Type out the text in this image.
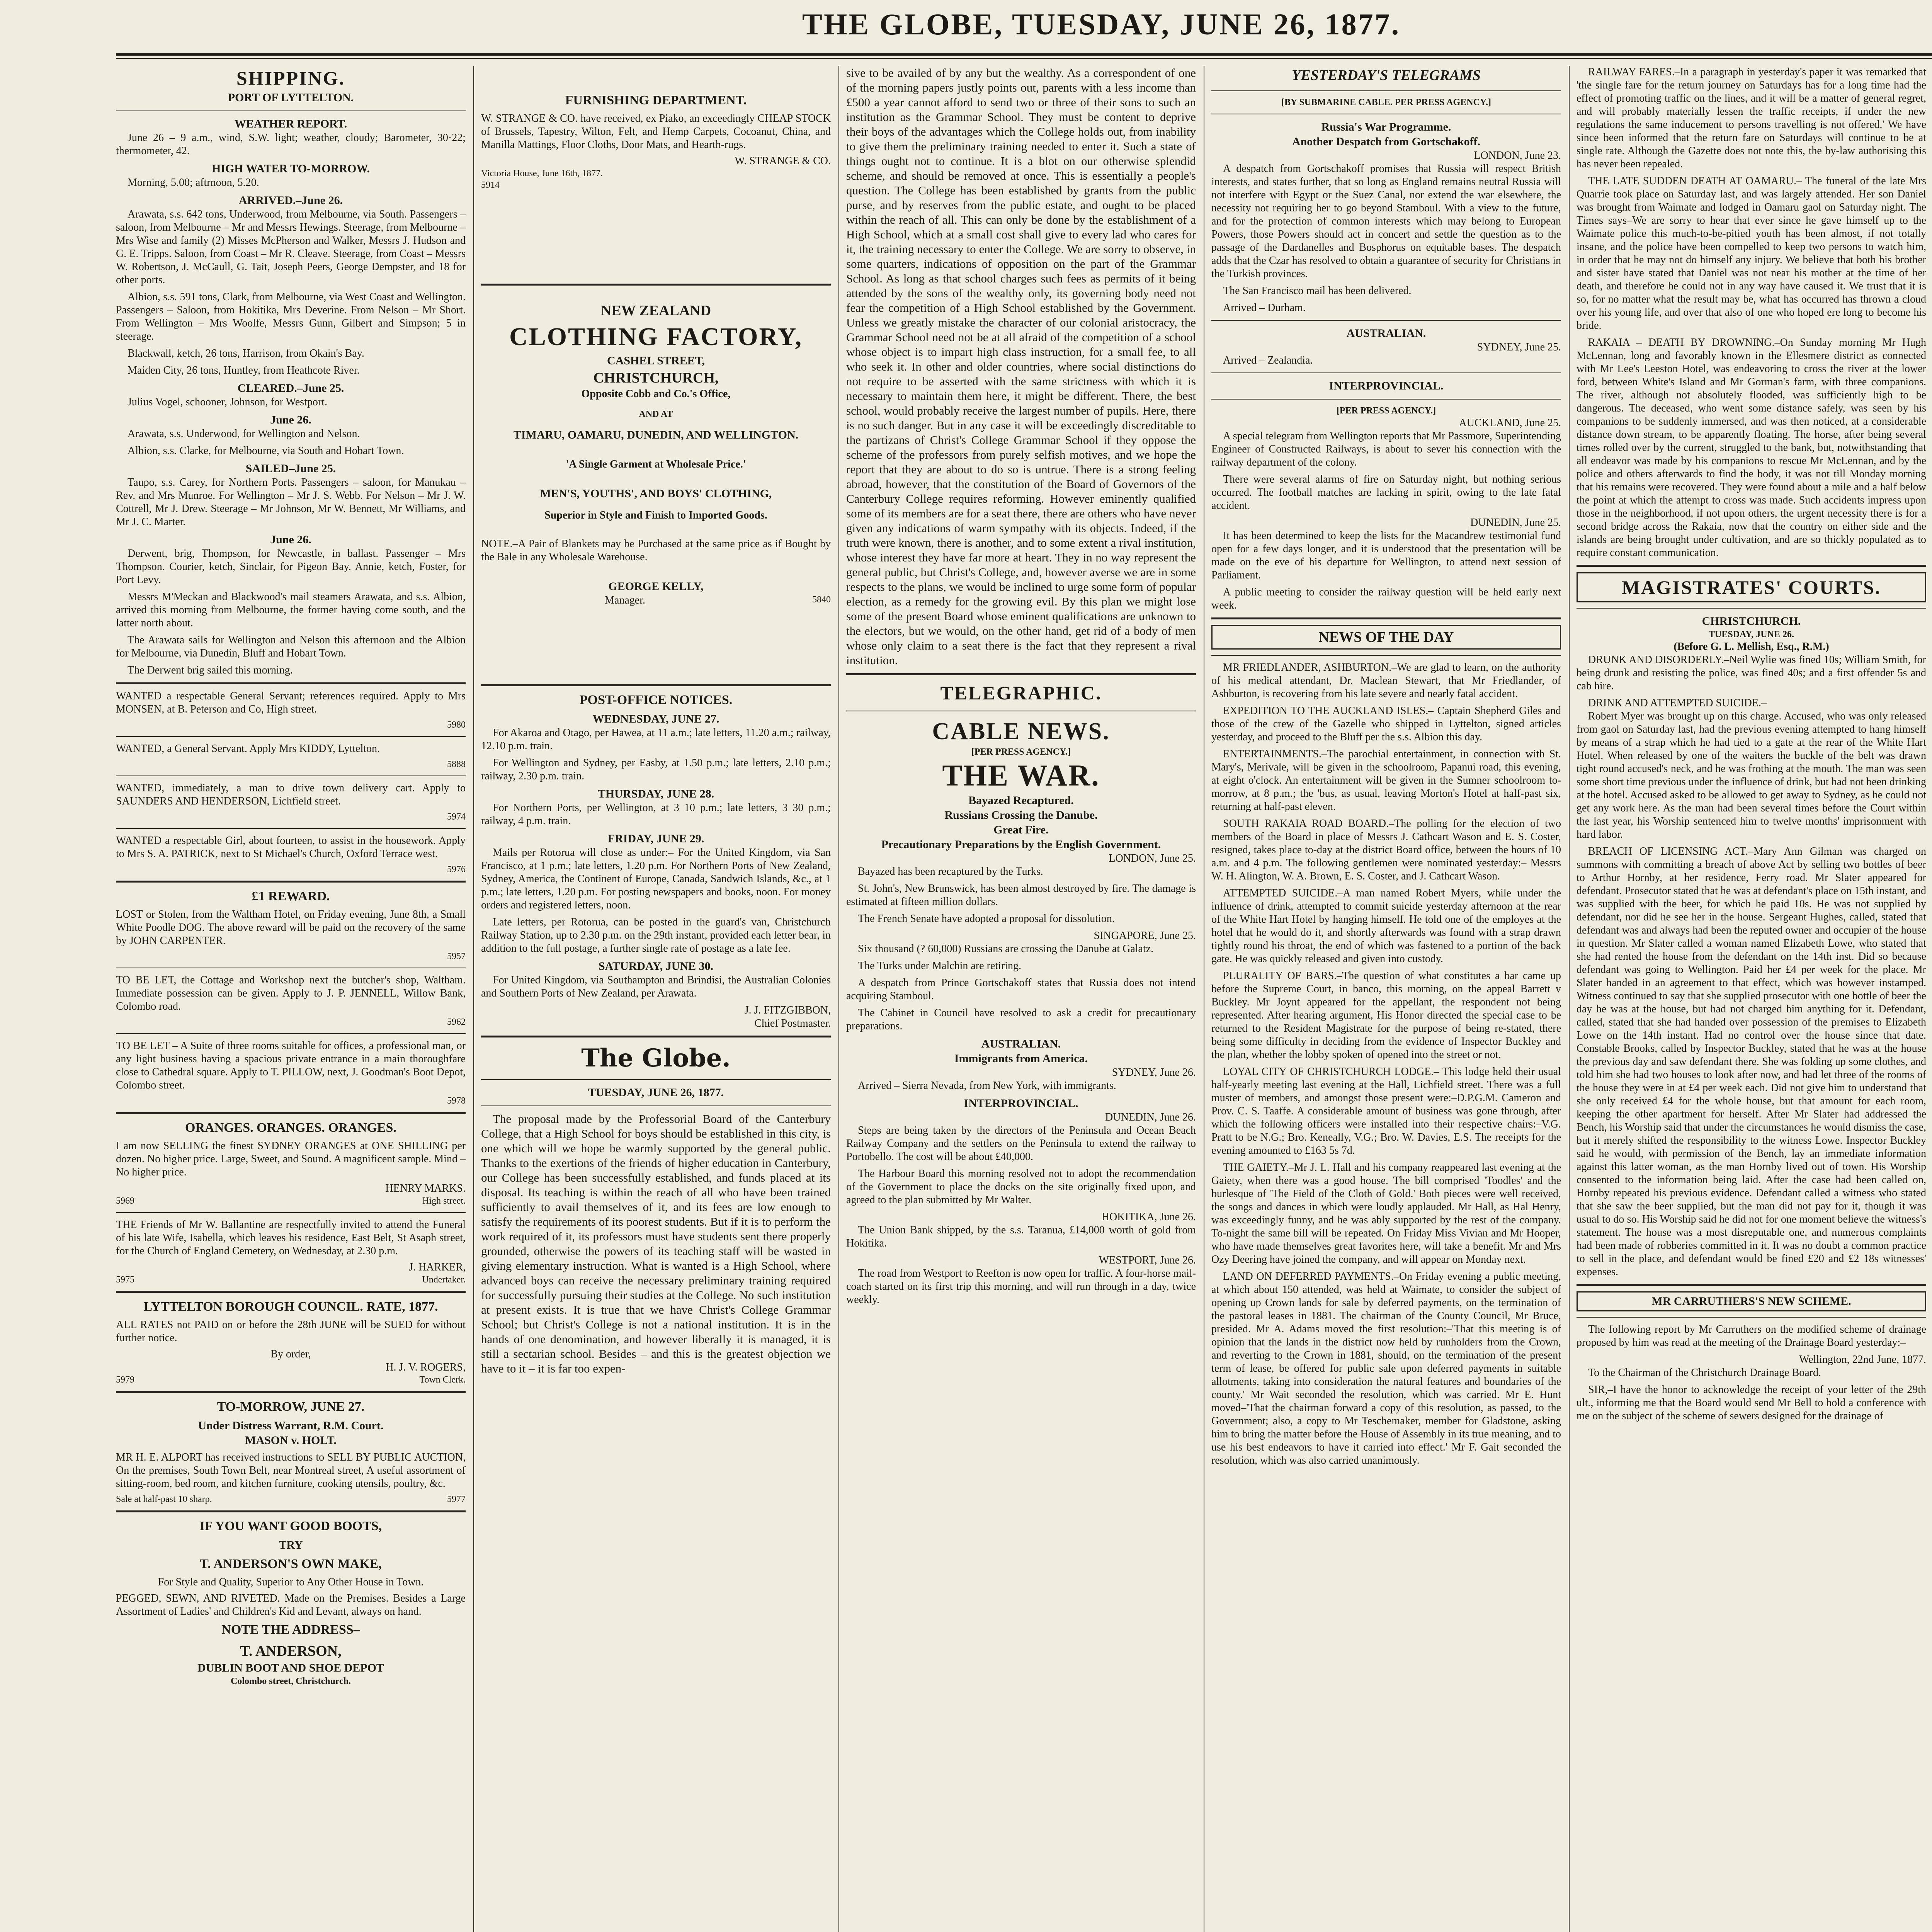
THE GLOBE, TUESDAY, JUNE 26, 1877.
SHIPPING.
PORT OF LYTTELTON.
WEATHER REPORT.

June 26 – 9 a.m., wind, S.W. light; weather, cloudy; Barometer, 30·22; thermometer, 42.

HIGH WATER TO-MORROW.

Morning, 5.00; aftrnoon, 5.20.

ARRIVED.–June 26.

Arawata, s.s. 642 tons, Underwood, from Melbourne, via South. Passengers – saloon, from Melbourne – Mr and Messrs Hewings. Steerage, from Melbourne – Mrs Wise and family (2) Misses McPherson and Walker, Messrs J. Hudson and G. E. Tripps. Saloon, from Coast – Mr R. Cleave. Steerage, from Coast – Messrs W. Robertson, J. McCaull, G. Tait, Joseph Peers, George Dempster, and 18 for other ports.

Albion, s.s. 591 tons, Clark, from Melbourne, via West Coast and Wellington. Passengers – Saloon, from Hokitika, Mrs Deverine. From Nelson – Mr Short. From Wellington – Mrs Woolfe, Messrs Gunn, Gilbert and Simpson; 5 in steerage.

Blackwall, ketch, 26 tons, Harrison, from Okain's Bay.

Maiden City, 26 tons, Huntley, from Heathcote River.

CLEARED.–June 25.

Julius Vogel, schooner, Johnson, for Westport.

June 26.

Arawata, s.s. Underwood, for Wellington and Nelson.

Albion, s.s. Clarke, for Melbourne, via South and Hobart Town.

SAILED–June 25.

Taupo, s.s. Carey, for Northern Ports. Passengers – saloon, for Manukau – Rev. and Mrs Munroe. For Wellington – Mr J. S. Webb. For Nelson – Mr J. W. Cottrell, Mr J. Drew. Steerage – Mr Johnson, Mr W. Bennett, Mr Williams, and Mr J. C. Marter.

June 26.

Derwent, brig, Thompson, for Newcastle, in ballast. Passenger – Mrs Thompson. Courier, ketch, Sinclair, for Pigeon Bay. Annie, ketch, Foster, for Port Levy.

Messrs M'Meckan and Blackwood's mail steamers Arawata, and s.s. Albion, arrived this morning from Melbourne, the former having come south, and the latter north about.

The Arawata sails for Wellington and Nelson this afternoon and the Albion for Melbourne, via Dunedin, Bluff and Hobart Town.

The Derwent brig sailed this morning.

WANTED a respectable General Servant; references required. Apply to Mrs MONSEN, at B. Peterson and Co, High street.

5980

WANTED, a General Servant. Apply Mrs KIDDY, Lyttelton.

5888

WANTED, immediately, a man to drive town delivery cart. Apply to SAUNDERS AND HENDERSON, Lichfield street.

5974

WANTED a respectable Girl, about fourteen, to assist in the housework. Apply to Mrs S. A. PATRICK, next to St Michael's Church, Oxford Terrace west.

5976
£1 REWARD.

LOST or Stolen, from the Waltham Hotel, on Friday evening, June 8th, a Small White Poodle DOG. The above reward will be paid on the recovery of the same by JOHN CARPENTER.

5957

TO BE LET, the Cottage and Workshop next the butcher's shop, Waltham. Immediate possession can be given. Apply to J. P. JENNELL, Willow Bank, Colombo road.

5962

TO BE LET – A Suite of three rooms suitable for offices, a professional man, or any light business having a spacious private entrance in a main thoroughfare close to Cathedral square. Apply to T. PILLOW, next, J. Goodman's Boot Depot, Colombo street.

5978
ORANGES. ORANGES. ORANGES.

I am now SELLING the finest SYDNEY ORANGES at ONE SHILLING per dozen. No higher price. Large, Sweet, and Sound. A magnificent sample. Mind – No higher price.

HENRY MARKS.
5969	High street.

THE Friends of Mr W. Ballantine are respectfully invited to attend the Funeral of his late Wife, Isabella, which leaves his residence, East Belt, St Asaph street, for the Church of England Cemetery, on Wednesday, at 2.30 p.m.

J. HARKER,
5975	Undertaker.
LYTTELTON BOROUGH COUNCIL. RATE, 1877.

ALL RATES not PAID on or before the 28th JUNE will be SUED for without further notice.

By order,
H. J. V. ROGERS,
5979	Town Clerk.
TO-MORROW, JUNE 27.
Under Distress Warrant, R.M. Court.
MASON v. HOLT.

MR H. E. ALPORT has received instructions to SELL BY PUBLIC AUCTION, On the premises, South Town Belt, near Montreal street, A useful assortment of sitting-room, bed room, and kitchen furniture, cooking utensils, poultry, &c.

Sale at half-past 10 sharp.	5977
IF YOU WANT GOOD BOOTS,
TRY
T. ANDERSON'S OWN MAKE,

For Style and Quality, Superior to Any Other House in Town.

PEGGED, SEWN, AND RIVETED. Made on the Premises. Besides a Large Assortment of Ladies' and Children's Kid and Levant, always on hand.

NOTE THE ADDRESS–
T. ANDERSON,
DUBLIN BOOT AND SHOE DEPOT
Colombo street, Christchurch.
FURNISHING DEPARTMENT.

W. STRANGE & CO. have received, ex Piako, an exceedingly CHEAP STOCK of Brussels, Tapestry, Wilton, Felt, and Hemp Carpets, Cocoanut, China, and Manilla Mattings, Floor Cloths, Door Mats, and Hearth-rugs.

W. STRANGE & CO.
Victoria House, June 16th, 1877.
5914
NEW ZEALAND
CLOTHING FACTORY,
CASHEL STREET,
CHRISTCHURCH,
Opposite Cobb and Co.'s Office,
AND AT
TIMARU, OAMARU, DUNEDIN, AND WELLINGTON.
'A Single Garment at Wholesale Price.'
MEN'S, YOUTHS', AND BOYS' CLOTHING,
Superior in Style and Finish to Imported Goods.

NOTE.–A Pair of Blankets may be Purchased at the same price as if Bought by the Bale in any Wholesale Warehouse.

GEORGE KELLY,
Manager.	5840
POST-OFFICE NOTICES.
WEDNESDAY, JUNE 27.

For Akaroa and Otago, per Hawea, at 11 a.m.; late letters, 11.20 a.m.; railway, 12.10 p.m. train.

For Wellington and Sydney, per Easby, at 1.50 p.m.; late letters, 2.10 p.m.; railway, 2.30 p.m. train.

THURSDAY, JUNE 28.

For Northern Ports, per Wellington, at 3 10 p.m.; late letters, 3 30 p.m.; railway, 4 p.m. train.

FRIDAY, JUNE 29.

Mails per Rotorua will close as under:– For the United Kingdom, via San Francisco, at 1 p.m.; late letters, 1.20 p.m. For Northern Ports of New Zealand, Sydney, America, the Continent of Europe, Canada, Sandwich Islands, &c., at 1 p.m.; late letters, 1.20 p.m. For posting newspapers and books, noon. For money orders and registered letters, noon.

Late letters, per Rotorua, can be posted in the guard's van, Christchurch Railway Station, up to 2.30 p.m. on the 29th instant, provided each letter bear, in addition to the full postage, a further single rate of postage as a late fee.

SATURDAY, JUNE 30.

For United Kingdom, via Southampton and Brindisi, the Australian Colonies and Southern Ports of New Zealand, per Arawata.

J. J. FITZGIBBON,
Chief Postmaster.
The Globe.
TUESDAY, JUNE 26, 1877.

The proposal made by the Professorial Board of the Canterbury College, that a High School for boys should be established in this city, is one which will we hope be warmly supported by the general public. Thanks to the exertions of the friends of higher education in Canterbury, our College has been successfully established, and funds placed at its disposal. Its teaching is within the reach of all who have been trained sufficiently to avail themselves of it, and its fees are low enough to satisfy the requirements of its poorest students. But if it is to perform the work required of it, its professors must have students sent there properly grounded, otherwise the powers of its teaching staff will be wasted in giving elementary instruction. What is wanted is a High School, where advanced boys can receive the necessary preliminary training required for successfully pursuing their studies at the College. No such institution at present exists. It is true that we have Christ's College Grammar School; but Christ's College is not a national institution. It is in the hands of one denomination, and however liberally it is managed, it is still a sectarian school. Besides – and this is the greatest objection we have to it – it is far too expen-

sive to be availed of by any but the wealthy. As a correspondent of one of the morning papers justly points out, parents with a less income than £500 a year cannot afford to send two or three of their sons to such an institution as the Grammar School. They must be content to deprive their boys of the advantages which the College holds out, from inability to give them the preliminary training needed to enter it. Such a state of things ought not to continue. It is a blot on our otherwise splendid scheme, and should be removed at once. This is essentially a people's question. The College has been established by grants from the public purse, and by reserves from the public estate, and ought to be placed within the reach of all. This can only be done by the establishment of a High School, which at a small cost shall give to every lad who cares for it, the training necessary to enter the College. We are sorry to observe, in some quarters, indications of opposition on the part of the Grammar School. As long as that school charges such fees as permits of it being attended by the sons of the wealthy only, its governing body need not fear the competition of a High School established by the Government. Unless we greatly mistake the character of our colonial aristocracy, the Grammar School need not be at all afraid of the competition of a school whose object is to impart high class instruction, for a small fee, to all who seek it. In other and older countries, where social distinctions do not require to be asserted with the same strictness with which it is necessary to maintain them here, it might be different. There, the best school, would probably receive the largest number of pupils. Here, there is no such danger. But in any case it will be exceedingly discreditable to the partizans of Christ's College Grammar School if they oppose the scheme of the professors from purely selfish motives, and we hope the report that they are about to do so is untrue. There is a strong feeling abroad, however, that the constitution of the Board of Governors of the Canterbury College requires reforming. However eminently qualified some of its members are for a seat there, there are others who have never given any indications of warm sympathy with its objects. Indeed, if the truth were known, there is another, and to some extent a rival institution, whose interest they have far more at heart. They in no way represent the general public, but Christ's College, and, however averse we are in some respects to the plans, we would be inclined to urge some form of popular election, as a remedy for the growing evil. By this plan we might lose some of the present Board whose eminent qualifications are unknown to the electors, but we would, on the other hand, get rid of a body of men whose only claim to a seat there is the fact that they represent a rival institution.

TELEGRAPHIC.
CABLE NEWS.
[PER PRESS AGENCY.]
THE WAR.
Bayazed Recaptured.
Russians Crossing the Danube.
Great Fire.
Precautionary Preparations by the English Government.
LONDON, June 25.

Bayazed has been recaptured by the Turks.

St. John's, New Brunswick, has been almost destroyed by fire. The damage is estimated at fifteen million dollars.

The French Senate have adopted a proposal for dissolution.

SINGAPORE, June 25.

Six thousand (? 60,000) Russians are crossing the Danube at Galatz.

The Turks under Malchin are retiring.

A despatch from Prince Gortschakoff states that Russia does not intend acquiring Stamboul.

The Cabinet in Council have resolved to ask a credit for precautionary preparations.

AUSTRALIAN.
Immigrants from America.
SYDNEY, June 26.

Arrived – Sierra Nevada, from New York, with immigrants.

INTERPROVINCIAL.
DUNEDIN, June 26.

Steps are being taken by the directors of the Peninsula and Ocean Beach Railway Company and the settlers on the Peninsula to extend the railway to Portobello. The cost will be about £40,000.

The Harbour Board this morning resolved not to adopt the recommendation of the Government to place the docks on the site originally fixed upon, and agreed to the plan submitted by Mr Walter.

HOKITIKA, June 26.

The Union Bank shipped, by the s.s. Taranua, £14,000 worth of gold from Hokitika.

WESTPORT, June 26.

The road from Westport to Reefton is now open for traffic. A four-horse mail-coach started on its first trip this morning, and will run through in a day, twice weekly.

YESTERDAY'S TELEGRAMS
[BY SUBMARINE CABLE. PER PRESS AGENCY.]
Russia's War Programme.
Another Despatch from Gortschakoff.
LONDON, June 23.

A despatch from Gortschakoff promises that Russia will respect British interests, and states further, that so long as England remains neutral Russia will not interfere with Egypt or the Suez Canal, nor extend the war elsewhere, the necessity not requiring her to go beyond Stamboul. With a view to the future, and for the protection of common interests which may belong to European Powers, those Powers should act in concert and settle the question as to the passage of the Dardanelles and Bosphorus on equitable bases. The despatch adds that the Czar has resolved to obtain a guarantee of security for Christians in the Turkish provinces.

The San Francisco mail has been delivered.

Arrived – Durham.

AUSTRALIAN.
SYDNEY, June 25.

Arrived – Zealandia.

INTERPROVINCIAL.
[PER PRESS AGENCY.]
AUCKLAND, June 25.

A special telegram from Wellington reports that Mr Passmore, Superintending Engineer of Constructed Railways, is about to sever his connection with the railway department of the colony.

There were several alarms of fire on Saturday night, but nothing serious occurred. The football matches are lacking in spirit, owing to the late fatal accident.

DUNEDIN, June 25.

It has been determined to keep the lists for the Macandrew testimonial fund open for a few days longer, and it is understood that the presentation will be made on the eve of his departure for Wellington, to attend next session of Parliament.

A public meeting to consider the railway question will be held early next week.

NEWS OF THE DAY

MR FRIEDLANDER, ASHBURTON.–We are glad to learn, on the authority of his medical attendant, Dr. Maclean Stewart, that Mr Friedlander, of Ashburton, is recovering from his late severe and nearly fatal accident.

EXPEDITION TO THE AUCKLAND ISLES.– Captain Shepherd Giles and those of the crew of the Gazelle who shipped in Lyttelton, signed articles yesterday, and proceed to the Bluff per the s.s. Albion this day.

ENTERTAINMENTS.–The parochial entertainment, in connection with St. Mary's, Merivale, will be given in the schoolroom, Papanui road, this evening, at eight o'clock. An entertainment will be given in the Sumner schoolroom to-morrow, at 8 p.m.; the 'bus, as usual, leaving Morton's Hotel at half-past six, returning at half-past eleven.

SOUTH RAKAIA ROAD BOARD.–The polling for the election of two members of the Board in place of Messrs J. Cathcart Wason and E. S. Coster, resigned, takes place to-day at the district Board office, between the hours of 10 a.m. and 4 p.m. The following gentlemen were nominated yesterday:– Messrs W. H. Alington, W. A. Brown, E. S. Coster, and J. Cathcart Wason.

ATTEMPTED SUICIDE.–A man named Robert Myers, while under the influence of drink, attempted to commit suicide yesterday afternoon at the rear of the White Hart Hotel by hanging himself. He told one of the employes at the hotel that he would do it, and shortly afterwards was found with a strap drawn tightly round his throat, the end of which was fastened to a portion of the back gate. He was quickly released and given into custody.

PLURALITY OF BARS.–The question of what constitutes a bar came up before the Supreme Court, in banco, this morning, on the appeal Barrett v Buckley. Mr Joynt appeared for the appellant, the respondent not being represented. After hearing argument, His Honor directed the special case to be returned to the Resident Magistrate for the purpose of being re-stated, there being some difficulty in deciding from the evidence of Inspector Buckley and the plan, whether the lobby spoken of opened into the street or not.

LOYAL CITY OF CHRISTCHURCH LODGE.– This lodge held their usual half-yearly meeting last evening at the Hall, Lichfield street. There was a full muster of members, and amongst those present were:–D.P.G.M. Cameron and Prov. C. S. Taaffe. A considerable amount of business was gone through, after which the following officers were installed into their respective chairs:–V.G. Pratt to be N.G.; Bro. Keneally, V.G.; Bro. W. Davies, E.S. The receipts for the evening amounted to £163 5s 7d.

THE GAIETY.–Mr J. L. Hall and his company reappeared last evening at the Gaiety, when there was a good house. The bill comprised 'Toodles' and the burlesque of 'The Field of the Cloth of Gold.' Both pieces were well received, the songs and dances in which were loudly applauded. Mr Hall, as Hal Henry, was exceedingly funny, and he was ably supported by the rest of the company. To-night the same bill will be repeated. On Friday Miss Vivian and Mr Hooper, who have made themselves great favorites here, will take a benefit. Mr and Mrs Ozy Deering have joined the company, and will appear on Monday next.

LAND ON DEFERRED PAYMENTS.–On Friday evening a public meeting, at which about 150 attended, was held at Waimate, to consider the subject of opening up Crown lands for sale by deferred payments, on the termination of the pastoral leases in 1881. The chairman of the County Council, Mr Bruce, presided. Mr A. Adams moved the first resolution:–'That this meeting is of opinion that the lands in the district now held by runholders from the Crown, and reverting to the Crown in 1881, should, on the termination of the present term of lease, be offered for public sale upon deferred payments in suitable allotments, taking into consideration the natural features and boundaries of the county.' Mr Wait seconded the resolution, which was carried. Mr E. Hunt moved–'That the chairman forward a copy of this resolution, as passed, to the Government; also, a copy to Mr Teschemaker, member for Gladstone, asking him to bring the matter before the House of Assembly in its true meaning, and to use his best endeavors to have it carried into effect.' Mr F. Gait seconded the resolution, which was also carried unanimously.

RAILWAY FARES.–In a paragraph in yesterday's paper it was remarked that 'the single fare for the return journey on Saturdays has for a long time had the effect of promoting traffic on the lines, and it will be a matter of general regret, and will probably materially lessen the traffic receipts, if under the new regulations the same inducement to persons travelling is not offered.' We have since been informed that the return fare on Saturdays will continue to be at single rate. Although the Gazette does not note this, the by-law authorising this has never been repealed.

THE LATE SUDDEN DEATH AT OAMARU.– The funeral of the late Mrs Quarrie took place on Saturday last, and was largely attended. Her son Daniel was brought from Waimate and lodged in Oamaru gaol on Saturday night. The Times says–We are sorry to hear that ever since he gave himself up to the Waimate police this much-to-be-pitied youth has been almost, if not totally insane, and the police have been compelled to keep two persons to watch him, in order that he may not do himself any injury. We believe that both his brother and sister have stated that Daniel was not near his mother at the time of her death, and therefore he could not in any way have caused it. We trust that it is so, for no matter what the result may be, what has occurred has thrown a cloud over his young life, and over that also of one who hoped ere long to become his bride.

RAKAIA – DEATH BY DROWNING.–On Sunday morning Mr Hugh McLennan, long and favorably known in the Ellesmere district as connected with Mr Lee's Leeston Hotel, was endeavoring to cross the river at the lower ford, between White's Island and Mr Gorman's farm, with three companions. The river, although not absolutely flooded, was sufficiently high to be dangerous. The deceased, who went some distance safely, was seen by his companions to be suddenly immersed, and was then noticed, at a considerable distance down stream, to be apparently floating. The horse, after being several times rolled over by the current, struggled to the bank, but, notwithstanding that all endeavor was made by his companions to rescue Mr McLennan, and by the police and others afterwards to find the body, it was not till Monday morning that his remains were recovered. They were found about a mile and a half below the point at which the attempt to cross was made. Such accidents impress upon those in the neighborhood, if not upon others, the urgent necessity there is for a second bridge across the Rakaia, now that the country on either side and the islands are being brought under cultivation, and are so thickly populated as to require constant communication.

MAGISTRATES' COURTS.
CHRISTCHURCH.
TUESDAY, JUNE 26.
(Before G. L. Mellish, Esq., R.M.)

DRUNK AND DISORDERLY.–Neil Wylie was fined 10s; William Smith, for being drunk and resisting the police, was fined 40s; and a first offender 5s and cab hire.

DRINK AND ATTEMPTED SUICIDE.–

Robert Myer was brought up on this charge. Accused, who was only released from gaol on Saturday last, had the previous evening attempted to hang himself by means of a strap which he had tied to a gate at the rear of the White Hart Hotel. When released by one of the waiters the buckle of the belt was drawn tight round accused's neck, and he was frothing at the mouth. The man was seen some short time previous under the influence of drink, but had not been drinking at the hotel. Accused asked to be allowed to get away to Sydney, as he could not get any work here. As the man had been several times before the Court within the last year, his Worship sentenced him to twelve months' imprisonment with hard labor.

BREACH OF LICENSING ACT.–Mary Ann Gilman was charged on summons with committing a breach of above Act by selling two bottles of beer to Arthur Hornby, at her residence, Ferry road. Mr Slater appeared for defendant. Prosecutor stated that he was at defendant's place on 15th instant, and was supplied with the beer, for which he paid 10s. He was not supplied by defendant, nor did he see her in the house. Sergeant Hughes, called, stated that defendant was and always had been the reputed owner and occupier of the house in question. Mr Slater called a woman named Elizabeth Lowe, who stated that she had rented the house from the defendant on the 14th inst. Did so because defendant was going to Wellington. Paid her £4 per week for the place. Mr Slater handed in an agreement to that effect, which was however instamped. Witness continued to say that she supplied prosecutor with one bottle of beer the day he was at the house, but had not charged him anything for it. Defendant, called, stated that she had handed over possession of the premises to Elizabeth Lowe on the 14th instant. Had no control over the house since that date. Constable Brooks, called by Inspector Buckley, stated that he was at the house the previous day and saw defendant there. She was folding up some clothes, and told him she had two houses to look after now, and had let three of the rooms of the house they were in at £4 per week each. Did not give him to understand that she only received £4 for the whole house, but that amount for each room, keeping the other apartment for herself. After Mr Slater had addressed the Bench, his Worship said that under the circumstances he would dismiss the case, but it merely shifted the responsibility to the witness Lowe. Inspector Buckley said he would, with permission of the Bench, lay an immediate information against this latter woman, as the man Hornby lived out of town. His Worship consented to the information being laid. After the case had been called on, Hornby repeated his previous evidence. Defendant called a witness who stated that she saw the beer supplied, but the man did not pay for it, though it was usual to do so. His Worship said he did not for one moment believe the witness's statement. The house was a most disreputable one, and numerous complaints had been made of robberies committed in it. It was no doubt a common practice to sell in the place, and defendant would be fined £20 and £2 18s witnesses' expenses.

MR CARRUTHERS'S NEW SCHEME.

The following report by Mr Carruthers on the modified scheme of drainage proposed by him was read at the meeting of the Drainage Board yesterday:–

Wellington, 22nd June, 1877.

To the Chairman of the Christchurch Drainage Board.

SIR,–I have the honor to acknowledge the receipt of your letter of the 29th ult., informing me that the Board would send Mr Bell to hold a conference with me on the subject of the scheme of sewers designed for the drainage of
